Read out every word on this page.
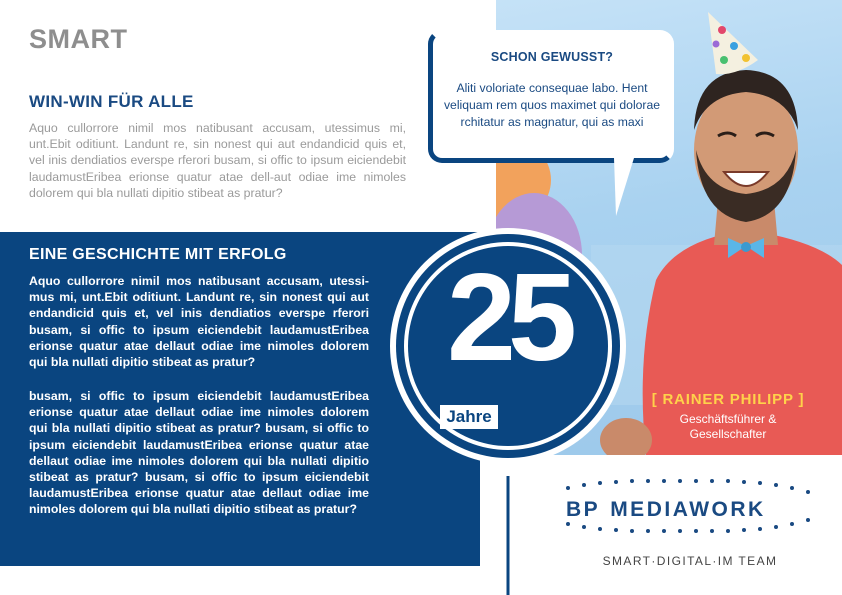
SMART
WIN-WIN FÜR ALLE

Aquo cullorrore nimil mos natibusant accusam, utessimus mi, unt.Ebit oditiunt. Landunt re, sin nonest qui aut endandicid quis et, vel inis dendiatios everspe rferori busam, si offic to ipsum eiciendebit laudamustEribea erionse quatur atae dell-aut odiae ime nimoles dolorem qui bla nullati dipitio stibeat as pratur?

[ RAINER PHILIPP ]
Geschäftsführer &
Gesellschafter
SCHON GEWUSST?
Aliti voloriate consequae labo. Hent veliquam rem quos maximet qui dolorae rchitatur as magnatur, qui as maxi
EINE GESCHICHTE MIT ERFOLG

Aquo cullorrore nimil mos natibusant accusam, utessi-mus mi, unt.Ebit oditiunt. Landunt re, sin nonest qui aut endandicid quis et, vel inis dendiatios everspe rferori busam, si offic to ipsum eiciendebit laudamustEribea erionse quatur atae dellaut odiae ime nimoles dolorem qui bla nullati dipitio stibeat as pratur?

busam, si offic to ipsum eiciendebit laudamustEribea erionse quatur atae dellaut odiae ime nimoles dolorem qui bla nullati dipitio stibeat as pratur? busam, si offic to ipsum eiciendebit laudamustEribea erionse quatur atae dellaut odiae ime nimoles dolorem qui bla nullati dipitio stibeat as pratur? busam, si offic to ipsum eiciendebit laudamustEribea erionse quatur atae dellaut odiae ime nimoles dolorem qui bla nullati dipitio stibeat as pratur?

25
Jahre
BP MEDIAWORK
SMART·DIGITAL·IM TEAM
